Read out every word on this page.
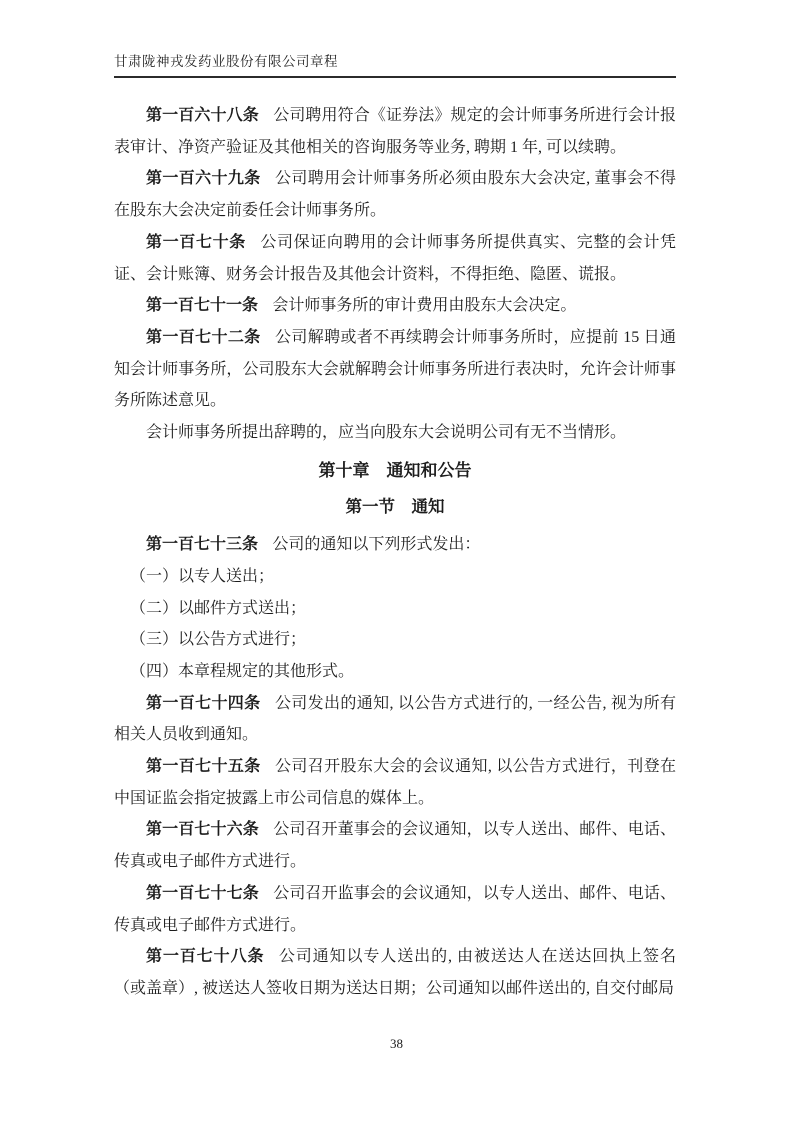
甘肃陇神戎发药业股份有限公司章程

第一百六十八条 公司聘用符合《证券法》规定的会计师事务所进行会计报表审计、净资产验证及其他相关的咨询服务等业务, 聘期 1 年, 可以续聘。

第一百六十九条 公司聘用会计师事务所必须由股东大会决定, 董事会不得在股东大会决定前委任会计师事务所。

第一百七十条 公司保证向聘用的会计师事务所提供真实、完整的会计凭证、会计账簿、财务会计报告及其他会计资料，不得拒绝、隐匿、谎报。

第一百七十一条 会计师事务所的审计费用由股东大会决定。

第一百七十二条 公司解聘或者不再续聘会计师事务所时，应提前 15 日通知会计师事务所，公司股东大会就解聘会计师事务所进行表决时，允许会计师事务所陈述意见。

会计师事务所提出辞聘的，应当向股东大会说明公司有无不当情形。

第十章　通知和公告

第一节　通知

第一百七十三条 公司的通知以下列形式发出：

（一）以专人送出；

（二）以邮件方式送出；

（三）以公告方式进行；

（四）本章程规定的其他形式。

第一百七十四条 公司发出的通知, 以公告方式进行的, 一经公告, 视为所有相关人员收到通知。

第一百七十五条 公司召开股东大会的会议通知, 以公告方式进行，刊登在中国证监会指定披露上市公司信息的媒体上。

第一百七十六条 公司召开董事会的会议通知，以专人送出、邮件、电话、传真或电子邮件方式进行。

第一百七十七条 公司召开监事会的会议通知，以专人送出、邮件、电话、传真或电子邮件方式进行。

第一百七十八条 公司通知以专人送出的, 由被送达人在送达回执上签名（或盖章）, 被送达人签收日期为送达日期；公司通知以邮件送出的, 自交付邮局

38
